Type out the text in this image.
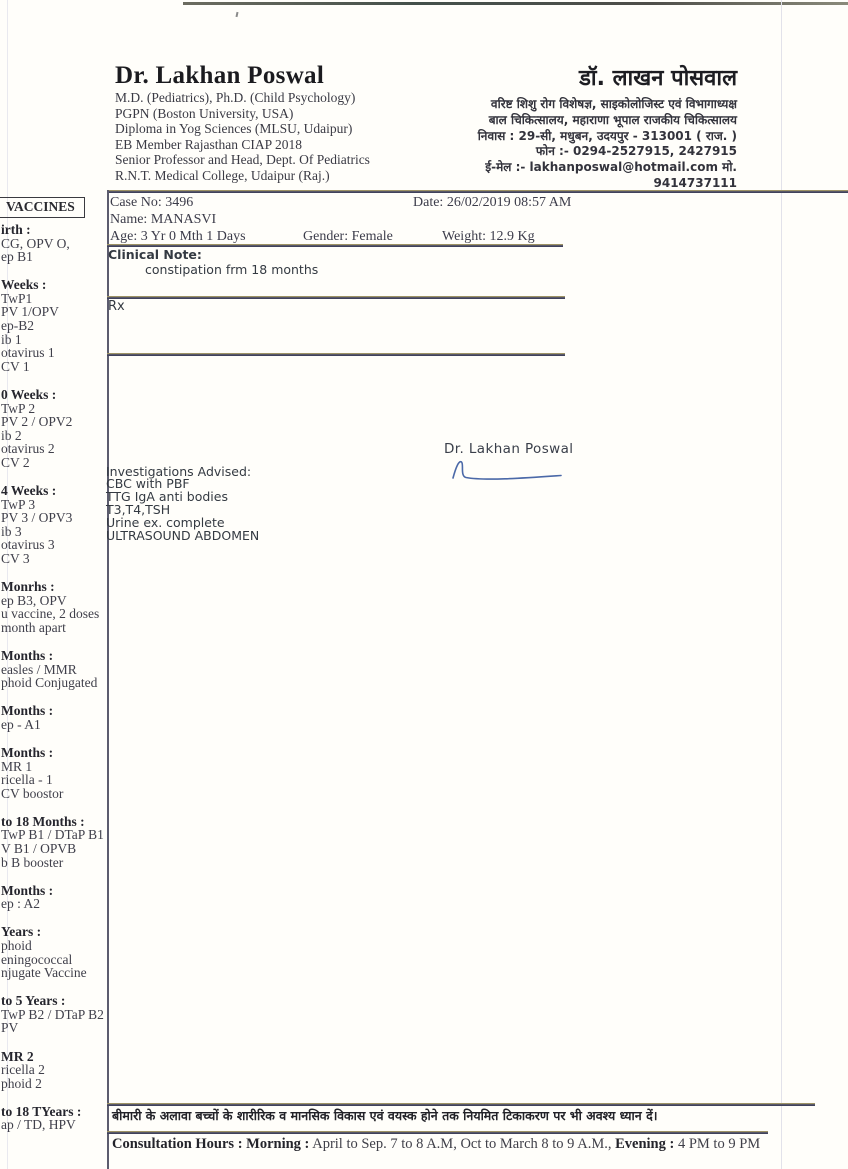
Dr. Lakhan Poswal
M.D. (Pediatrics), Ph.D. (Child Psychology)
PGPN (Boston University, USA)
Diploma in Yog Sciences (MLSU, Udaipur)
EB Member Rajasthan CIAP 2018
Senior Professor and Head, Dept. Of Pediatrics
R.N.T. Medical College, Udaipur (Raj.)
डॉ. लाखन पोसवाल
वरिष्ट शिशु रोग विशेषज्ञ, साइकोलोजिस्ट एवं विभागाध्यक्ष
बाल चिकित्सालय, महाराणा भूपाल राजकीय चिकित्सालय
निवास : 29-सी, मधुबन, उदयपुर - 313001 ( राज. )
फोन :- 0294-2527915, 2427915
ई-मेल :- lakhanposwal@hotmail.com मो. 9414737111
VACCINES
irth :
CG, OPV O,
ep B1
Weeks :
TwP1
PV 1/OPV
ep-B2
ib 1
otavirus 1
CV 1
0 Weeks :
TwP 2
PV 2 / OPV2
ib 2
otavirus 2
CV 2
4 Weeks :
TwP 3
PV 3 / OPV3
ib 3
otavirus 3
CV 3
Monrhs :
ep B3, OPV
u vaccine, 2 doses
month apart
Months :
easles / MMR
phoid Conjugated
Months :
ep - A1
Months :
MR 1
ricella - 1
CV boostor
to 18 Months :
TwP B1 / DTaP B1
V B1 / OPVB
b B booster
Months :
ep : A2
Years :
phoid
eningococcal
njugate Vaccine
to 5 Years :
TwP B2 / DTaP B2
PV
MR 2
ricella 2
phoid 2
to 18 TYears :
ap / TD, HPV
Case No: 3496	Date: 26/02/2019 08:57 AM
Name: MANASVI
Age: 3 Yr 0 Mth 1 Days	Gender: Female	Weight: 12.9 Kg
Clinical Note:
constipation frm 18 months
Rx
Dr. Lakhan Poswal
Investigations Advised:
CBC with PBF
TTG IgA anti bodies
T3,T4,TSH
Urine ex. complete
ULTRASOUND ABDOMEN
बीमारी के अलावा बच्चों के शारीरिक व मानसिक विकास एवं वयस्क होने तक नियमित टिकाकरण पर भी अवश्य ध्यान दें।
Consultation Hours : Morning : April to Sep. 7 to 8 A.M, Oct to March 8 to 9 A.M., Evening : 4 PM to 9 PM
